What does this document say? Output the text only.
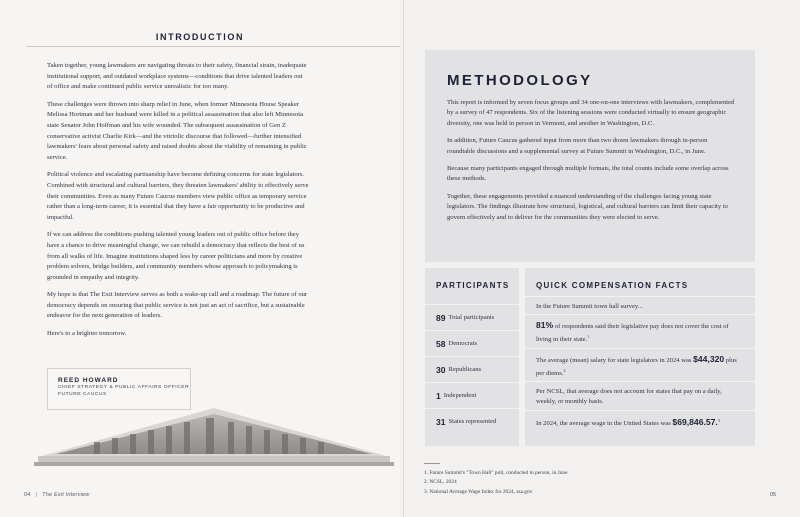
INTRODUCTION

Taken together, young lawmakers are navigating threats to their safety, financial strain, inadequate institutional support, and outdated workplace systems—conditions that drive talented leaders out of office and make continued public service unrealistic for too many.

These challenges were thrown into sharp relief in June, when former Minnesota House Speaker Melissa Hortman and her husband were killed in a political assassination that also left Minnesota state Senator John Hoffman and his wife wounded. The subsequent assassination of Gen Z conservative activist Charlie Kirk—and the vitriolic discourse that followed—further intensified lawmakers' fears about personal safety and raised doubts about the viability of remaining in public service.

Political violence and escalating partisanship have become defining concerns for state legislators. Combined with structural and cultural barriers, they threaten lawmakers' ability to effectively serve their communities. Even as many Future Caucus members view public office as temporary service rather than a long-term career, it is essential that they have a fair opportunity to be productive and impactful.

If we can address the conditions pushing talented young leaders out of public office before they have a chance to drive meaningful change, we can rebuild a democracy that reflects the best of us from all walks of life. Imagine institutions shaped less by career politicians and more by creative problem solvers, bridge builders, and community members whose approach to policymaking is grounded in empathy and integrity.

My hope is that The Exit Interview serves as both a wake-up call and a roadmap. The future of our democracy depends on ensuring that public service is not just an act of sacrifice, but a sustainable endeavor for the next generation of leaders.

Here's to a brighter tomorrow.

REED HOWARD
CHIEF STRATEGY & PUBLIC AFFAIRS OFFICER
FUTURE CAUCUS
04 | The Exit Interview
METHODOLOGY

This report is informed by seven focus groups and 34 one-on-one interviews with lawmakers, complemented by a survey of 47 respondents. Six of the listening sessions were conducted virtually to ensure geographic diversity, one was held in person in Vermont, and another in Washington, D.C.

In addition, Future Caucus gathered input from more than two dozen lawmakers through in-person roundtable discussions and a supplemental survey at Future Summit in Washington, D.C., in June.

Because many participants engaged through multiple formats, the total counts include some overlap across these methods.

Together, these engagements provided a nuanced understanding of the challenges facing young state legislators. The findings illustrate how structural, logistical, and cultural barriers can limit their capacity to govern effectively and to deliver for the communities they were elected to serve.

PARTICIPANTS	QUICK COMPENSATION FACTS
89 Total participants
58 Democrats
30 Republicans
1 Independent
31 States represented
In the Future Summit town hall survey...
81% of respondents said their legislative pay does not cover the cost of living in their state.$^1$
The average (mean) salary for state legislators in 2024 was $44,320 plus per diems.$^2$
Per NCSL, that average does not account for states that pay on a daily, weekly, or monthly basis.
In 2024, the average wage in the United States was $69,846.57.$^3$
1. Future Summit's "Town Hall" poll, conducted in person, in June
2. NCSL, 2024
3. National Average Wage Index for 2024, ssa.gov
05
